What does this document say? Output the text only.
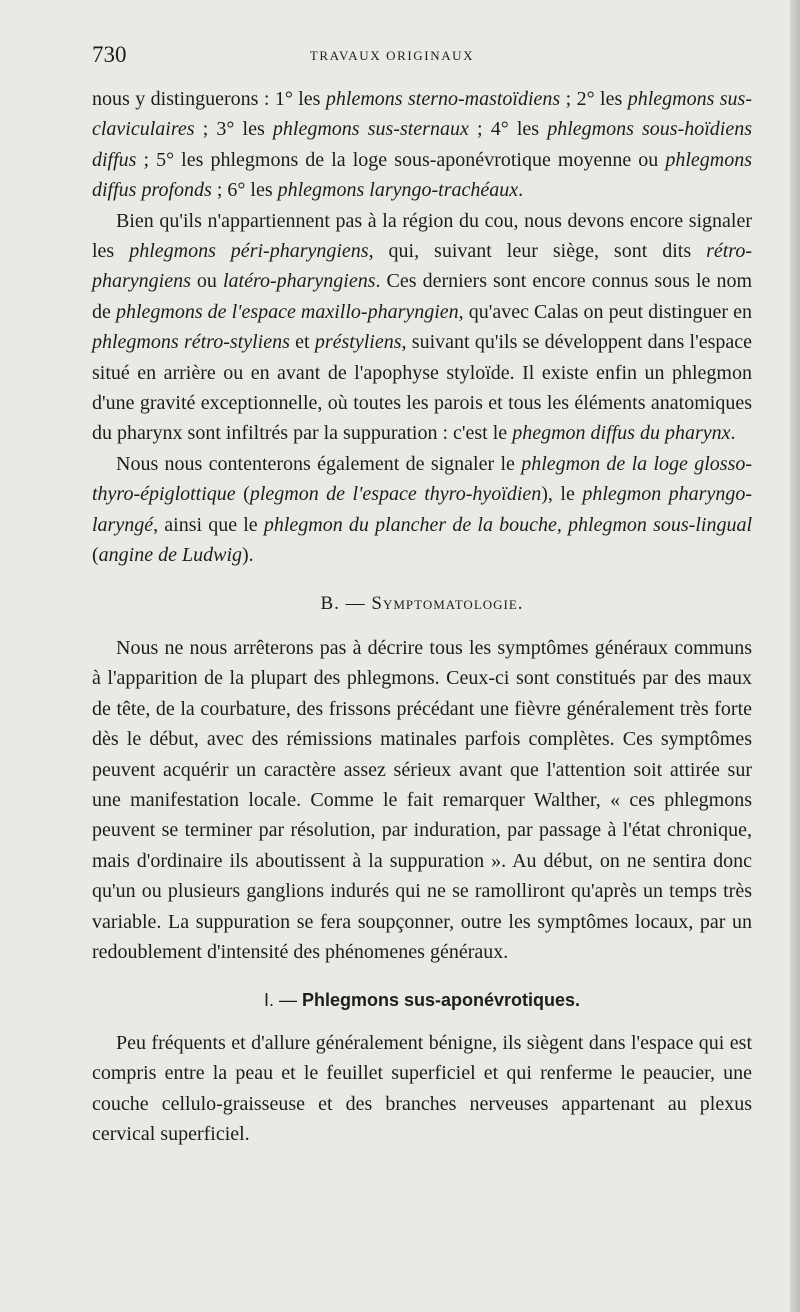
730	TRAVAUX ORIGINAUX

nous y distinguerons : 1° les phlemons sterno-mastoïdiens ; 2° les phlegmons sus-claviculaires ; 3° les phlegmons sus-sternaux ; 4° les phlegmons sous-hoïdiens diffus ; 5° les phlegmons de la loge sous-aponévrotique moyenne ou phlegmons diffus profonds ; 6° les phlegmons laryngo-trachéaux.

Bien qu'ils n'appartiennent pas à la région du cou, nous devons encore signaler les phlegmons péri-pharyngiens, qui, suivant leur siège, sont dits rétro-pharyngiens ou latéro-pharyngiens. Ces derniers sont encore connus sous le nom de phlegmons de l'espace maxillo-pharyngien, qu'avec Calas on peut distinguer en phlegmons rétro-styliens et préstyliens, suivant qu'ils se développent dans l'espace situé en arrière ou en avant de l'apophyse styloïde. Il existe enfin un phlegmon d'une gravité exceptionnelle, où toutes les parois et tous les éléments anatomiques du pharynx sont infiltrés par la suppuration : c'est le phegmon diffus du pharynx.

Nous nous contenterons également de signaler le phlegmon de la loge glosso-thyro-épiglottique (plegmon de l'espace thyro-hyoïdien), le phlegmon pharyngo-laryngé, ainsi que le phlegmon du plancher de la bouche, phlegmon sous-lingual (angine de Ludwig).

B. — Symptomatologie.

Nous ne nous arrêterons pas à décrire tous les symptômes généraux communs à l'apparition de la plupart des phlegmons. Ceux-ci sont constitués par des maux de tête, de la courbature, des frissons précédant une fièvre généralement très forte dès le début, avec des rémissions matinales parfois complètes. Ces symptômes peuvent acquérir un caractère assez sérieux avant que l'attention soit attirée sur une manifestation locale. Comme le fait remarquer Walther, « ces phlegmons peuvent se terminer par résolution, par induration, par passage à l'état chronique, mais d'ordinaire ils aboutissent à la suppuration ». Au début, on ne sentira donc qu'un ou plusieurs ganglions indurés qui ne se ramolliront qu'après un temps très variable. La suppuration se fera soupçonner, outre les symptômes locaux, par un redoublement d'intensité des phénomenes généraux.

I. — Phlegmons sus-aponévrotiques.

Peu fréquents et d'allure généralement bénigne, ils siègent dans l'espace qui est compris entre la peau et le feuillet superficiel et qui renferme le peaucier, une couche cellulo-graisseuse et des branches nerveuses appartenant au plexus cervical superficiel.
